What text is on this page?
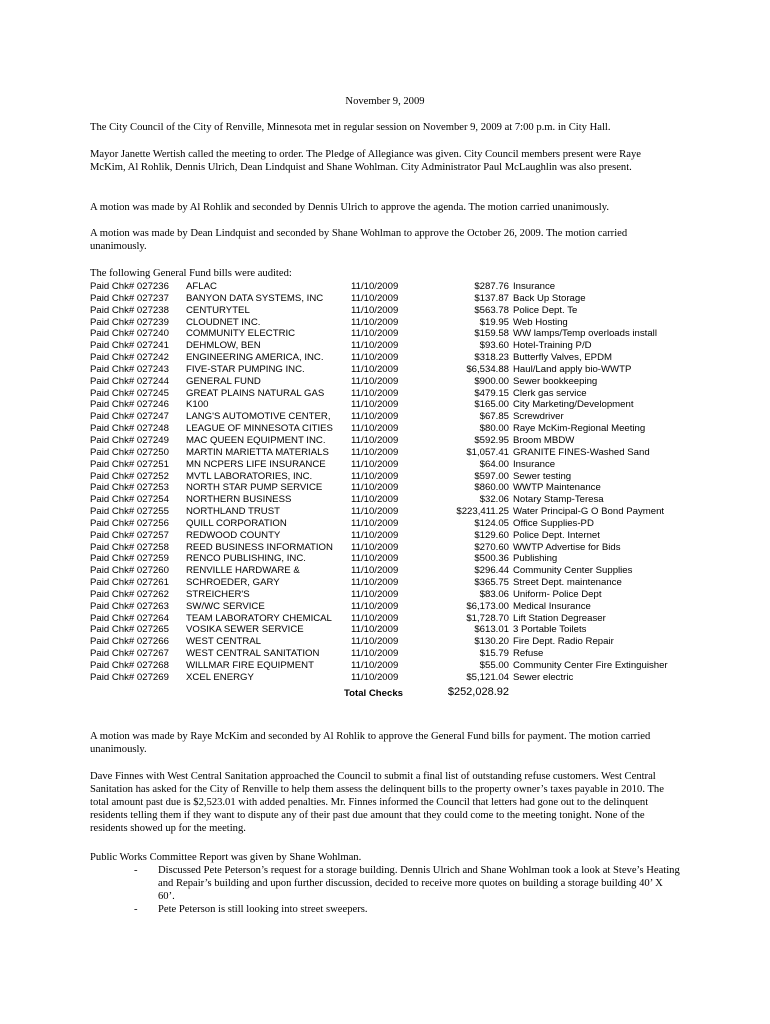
November 9, 2009

The City Council of the City of Renville, Minnesota met in regular session on November 9, 2009 at 7:00 p.m. in City Hall.

Mayor Janette Wertish called the meeting to order. The Pledge of Allegiance was given. City Council members present were Raye McKim, Al Rohlik, Dennis Ulrich, Dean Lindquist and Shane Wohlman. City Administrator Paul McLaughlin was also present.

A motion was made by Al Rohlik and seconded by Dennis Ulrich to approve the agenda. The motion carried unanimously.

A motion was made by Dean Lindquist and seconded by Shane Wohlman to approve the October 26, 2009. The motion carried unanimously.

The following General Fund bills were audited:

Paid Chk# 027236	AFLAC	11/10/2009	$287.76 Insurance
Paid Chk# 027237	BANYON DATA SYSTEMS, INC	11/10/2009	$137.87 Back Up Storage
Paid Chk# 027238	CENTURYTEL	11/10/2009	$563.78 Police Dept. Te
Paid Chk# 027239	CLOUDNET INC.	11/10/2009	$19.95 Web Hosting
Paid Chk# 027240	COMMUNITY ELECTRIC	11/10/2009	$159.58 WW lamps/Temp overloads install
Paid Chk# 027241	DEHMLOW, BEN	11/10/2009	$93.60 Hotel-Training P/D
Paid Chk# 027242	ENGINEERING AMERICA, INC.	11/10/2009	$318.23 Butterfly Valves, EPDM
Paid Chk# 027243	FIVE-STAR PUMPING INC.	11/10/2009	$6,534.88 Haul/Land apply bio-WWTP
Paid Chk# 027244	GENERAL FUND	11/10/2009	$900.00 Sewer bookkeeping
Paid Chk# 027245	GREAT PLAINS NATURAL GAS	11/10/2009	$479.15 Clerk gas service
Paid Chk# 027246	K100	11/10/2009	$165.00 City Marketing/Development
Paid Chk# 027247	LANG'S AUTOMOTIVE CENTER,	11/10/2009	$67.85 Screwdriver
Paid Chk# 027248	LEAGUE OF MINNESOTA CITIES	11/10/2009	$80.00 Raye McKim-Regional Meeting
Paid Chk# 027249	MAC QUEEN EQUIPMENT INC.	11/10/2009	$592.95 Broom MBDW
Paid Chk# 027250	MARTIN MARIETTA MATERIALS	11/10/2009	$1,057.41 GRANITE FINES-Washed Sand
Paid Chk# 027251	MN NCPERS LIFE INSURANCE	11/10/2009	$64.00 Insurance
Paid Chk# 027252	MVTL LABORATORIES, INC.	11/10/2009	$597.00 Sewer testing
Paid Chk# 027253	NORTH STAR PUMP SERVICE	11/10/2009	$860.00 WWTP Maintenance
Paid Chk# 027254	NORTHERN BUSINESS	11/10/2009	$32.06 Notary Stamp-Teresa
Paid Chk# 027255	NORTHLAND TRUST	11/10/2009	$223,411.25 Water Principal-G O Bond Payment
Paid Chk# 027256	QUILL CORPORATION	11/10/2009	$124.05 Office Supplies-PD
Paid Chk# 027257	REDWOOD COUNTY	11/10/2009	$129.60 Police Dept. Internet
Paid Chk# 027258	REED BUSINESS INFORMATION	11/10/2009	$270.60 WWTP Advertise for Bids
Paid Chk# 027259	RENCO PUBLISHING, INC.	11/10/2009	$500.36 Publishing
Paid Chk# 027260	RENVILLE HARDWARE &	11/10/2009	$296.44 Community Center Supplies
Paid Chk# 027261	SCHROEDER, GARY	11/10/2009	$365.75 Street Dept. maintenance
Paid Chk# 027262	STREICHER'S	11/10/2009	$83.06 Uniform- Police Dept
Paid Chk# 027263	SW/WC SERVICE	11/10/2009	$6,173.00 Medical Insurance
Paid Chk# 027264	TEAM LABORATORY CHEMICAL	11/10/2009	$1,728.70 Lift Station Degreaser
Paid Chk# 027265	VOSIKA SEWER SERVICE	11/10/2009	$613.01 3 Portable Toilets
Paid Chk# 027266	WEST CENTRAL	11/10/2009	$130.20 Fire Dept. Radio Repair
Paid Chk# 027267	WEST CENTRAL SANITATION	11/10/2009	$15.79 Refuse
Paid Chk# 027268	WILLMAR FIRE EQUIPMENT	11/10/2009	$55.00 Community Center Fire Extinguisher
Paid Chk# 027269	XCEL ENERGY	11/10/2009	$5,121.04 Sewer electric
Total Checks	$252,028.92

A motion was made by Raye McKim and seconded by Al Rohlik to approve the General Fund bills for payment. The motion carried unanimously.

Dave Finnes with West Central Sanitation approached the Council to submit a final list of outstanding refuse customers. West Central Sanitation has asked for the City of Renville to help them assess the delinquent bills to the property owner’s taxes payable in 2010. The total amount past due is $2,523.01 with added penalties. Mr. Finnes informed the Council that letters had gone out to the delinquent residents telling them if they want to dispute any of their past due amount that they could come to the meeting tonight. None of the residents showed up for the meeting.

Public Works Committee Report was given by Shane Wohlman.

- Discussed Pete Peterson’s request for a storage building. Dennis Ulrich and Shane Wohlman took a look at Steve’s Heating and Repair’s building and upon further discussion, decided to receive more quotes on building a storage building 40’ X 60’.

- Pete Peterson is still looking into street sweepers.
